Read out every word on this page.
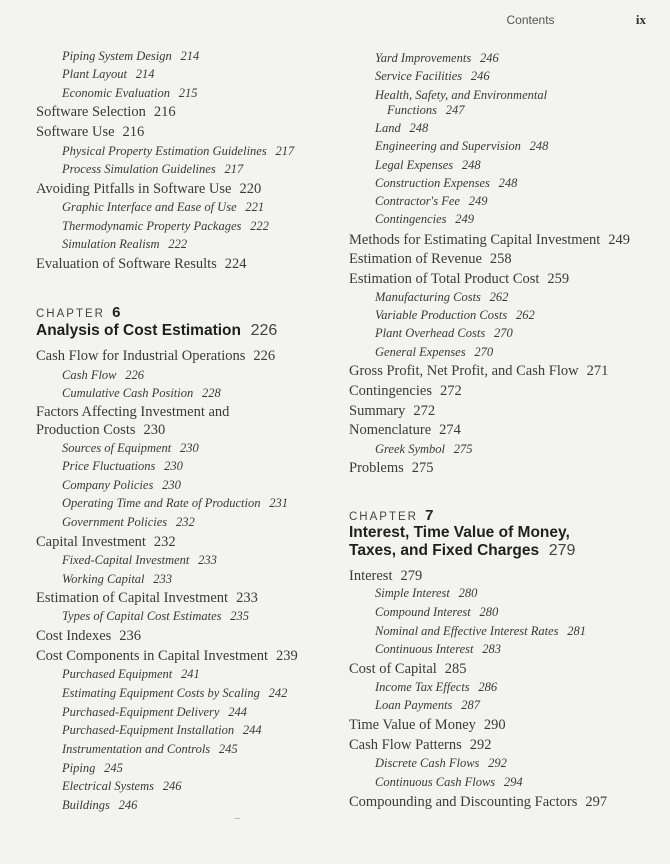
Contents	ix
Piping System Design 214
Plant Layout 214
Economic Evaluation 215
Software Selection 216
Software Use 216
Physical Property Estimation Guidelines 217
Process Simulation Guidelines 217
Avoiding Pitfalls in Software Use 220
Graphic Interface and Ease of Use 221
Thermodynamic Property Packages 222
Simulation Realism 222
Evaluation of Software Results 224
CHAPTER 6
Analysis of Cost Estimation 226
Cash Flow for Industrial Operations 226
Cash Flow 226
Cumulative Cash Position 228
Factors Affecting Investment and
Production Costs 230
Sources of Equipment 230
Price Fluctuations 230
Company Policies 230
Operating Time and Rate of Production 231
Government Policies 232
Capital Investment 232
Fixed-Capital Investment 233
Working Capital 233
Estimation of Capital Investment 233
Types of Capital Cost Estimates 235
Cost Indexes 236
Cost Components in Capital Investment 239
Purchased Equipment 241
Estimating Equipment Costs by Scaling 242
Purchased-Equipment Delivery 244
Purchased-Equipment Installation 244
Instrumentation and Controls 245
Piping 245
Electrical Systems 246
Buildings 246
Yard Improvements 246
Service Facilities 246
Health, Safety, and Environmental
Functions 247
Land 248
Engineering and Supervision 248
Legal Expenses 248
Construction Expenses 248
Contractor's Fee 249
Contingencies 249
Methods for Estimating Capital Investment 249
Estimation of Revenue 258
Estimation of Total Product Cost 259
Manufacturing Costs 262
Variable Production Costs 262
Plant Overhead Costs 270
General Expenses 270
Gross Profit, Net Profit, and Cash Flow 271
Contingencies 272
Summary 272
Nomenclature 274
Greek Symbol 275
Problems 275
CHAPTER 7
Interest, Time Value of Money,
Taxes, and Fixed Charges 279
Interest 279
Simple Interest 280
Compound Interest 280
Nominal and Effective Interest Rates 281
Continuous Interest 283
Cost of Capital 285
Income Tax Effects 286
Loan Payments 287
Time Value of Money 290
Cash Flow Patterns 292
Discrete Cash Flows 292
Continuous Cash Flows 294
Compounding and Discounting Factors 297
